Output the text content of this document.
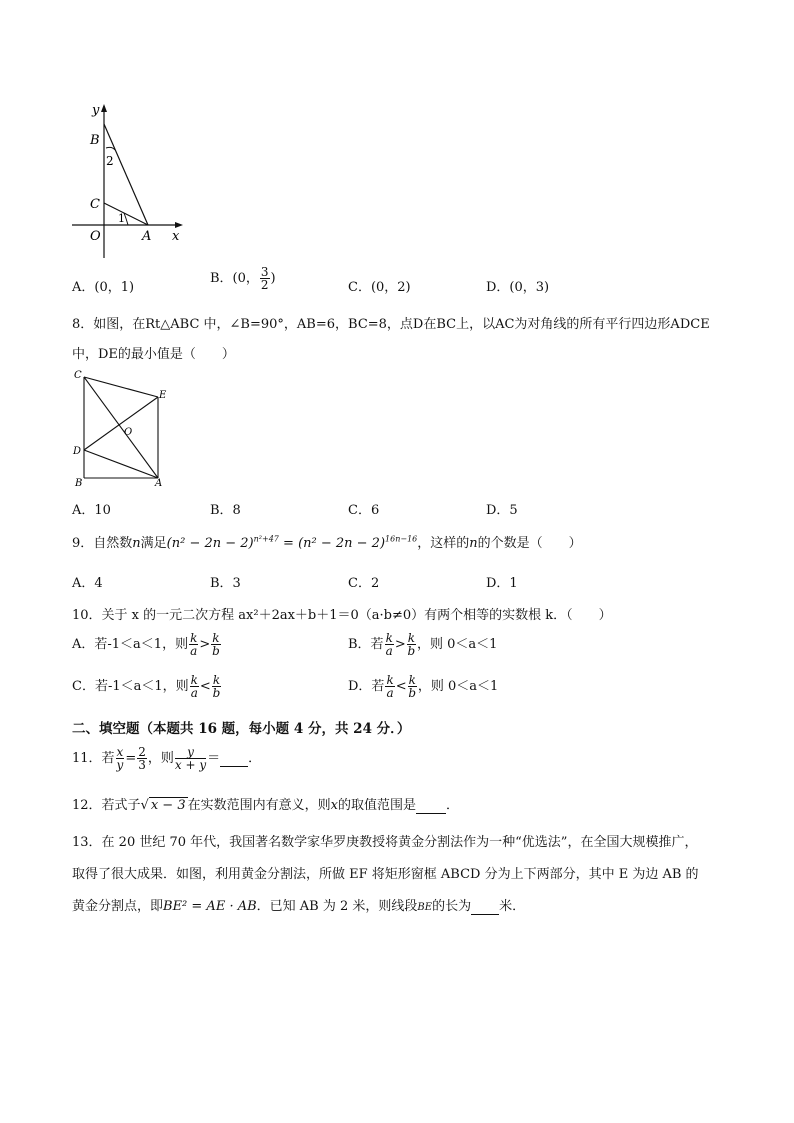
y
x
B
C
O	A
1
2
A．(0，1)
B．(0， $\frac{3}{2}$ )
C．(0，2)	D．(0，3)
8．如图，在Rt△ABC 中，∠B=90°，AB=6，BC=8，点D在BC上，以AC为对角线的所有平行四边形ADCE
中，DE的最小值是（　　）
C
E
O
D
B	A
A．10	B．8	C．6	D．5
9．自然数n满足$(n^2 - 2n - 2)^{n^2+47} = (n^2 - 2n - 2)^{16n-16}$，这样的n的个数是（　　）
A．4	B．3	C．2	D．1
10．关于 x 的一元二次方程 ax²＋2ax＋b＋1＝0（a·b≠0）有两个相等的实数根 k．（　　）
A．若-1＜a＜1，则 $\frac{k}{a} > \frac{k}{b}$	B．若 $\frac{k}{a} > \frac{k}{b}$ ，则 0＜a＜1
C．若-1＜a＜1，则 $\frac{k}{a} < \frac{k}{b}$	D．若 $\frac{k}{a} < \frac{k}{b}$ ，则 0＜a＜1
二、填空题（本题共 16 题，每小题 4 分，共 24 分．）
11．若 $\frac{x}{y} = \frac{2}{3}$ ，则 $\frac{y}{x + y}$ ＝ ．
12．若式子√ x − 3 在实数范围内有意义，则x的取值范围是 ．
13．在 20 世纪 70 年代，我国著名数学家华罗庚教授将黄金分割法作为一种“优选法”，在全国大规模推广，
取得了很大成果．如图，利用黄金分割法，所做 EF 将矩形窗框 ABCD 分为上下两部分，其中 E 为边 AB 的
黄金分割点，即BE² = AE · AB．已知 AB 为 2 米，则线段BE的长为 米．
